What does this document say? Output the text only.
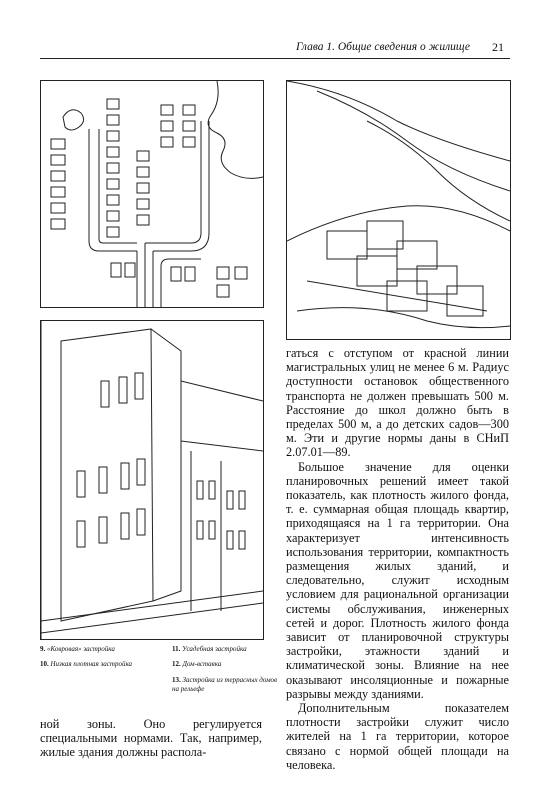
Глава 1. Общие сведения о жилище 21
9. «Ковровая» застройка
10. Низкая плотная застройка
11. Усадебная застройка
12. Дом-вставка
13. Застройка из террасных домов на рельефе

гаться с отступом от красной линии магистральных улиц не менее 6 м. Радиус доступности остановок общественного транспорта не должен превышать 500 м. Расстояние до школ должно быть в пределах 500 м, а до детских садов—300 м. Эти и другие нормы даны в СНиП 2.07.01—89.

Большое значение для оценки планировочных решений имеет такой показатель, как плотность жилого фонда, т. е. суммарная общая площадь квартир, приходящаяся на 1 га территории. Она характеризует интенсивность использования территории, компактность размещения жилых зданий, и следовательно, служит исходным условием для рациональной организации системы обслуживания, инженерных сетей и дорог. Плотность жилого фонда зависит от планировочной структуры застройки, этажности зданий и климатической зоны. Влияние на нее оказывают инсоляционные и пожарные разрывы между зданиями.

Дополнительным показателем плотности застройки служит число жителей на 1 га территории, которое связано с нормой общей площади на человека.

ной зоны. Оно регулируется специальными нормами. Так, например, жилые здания должны распола-
